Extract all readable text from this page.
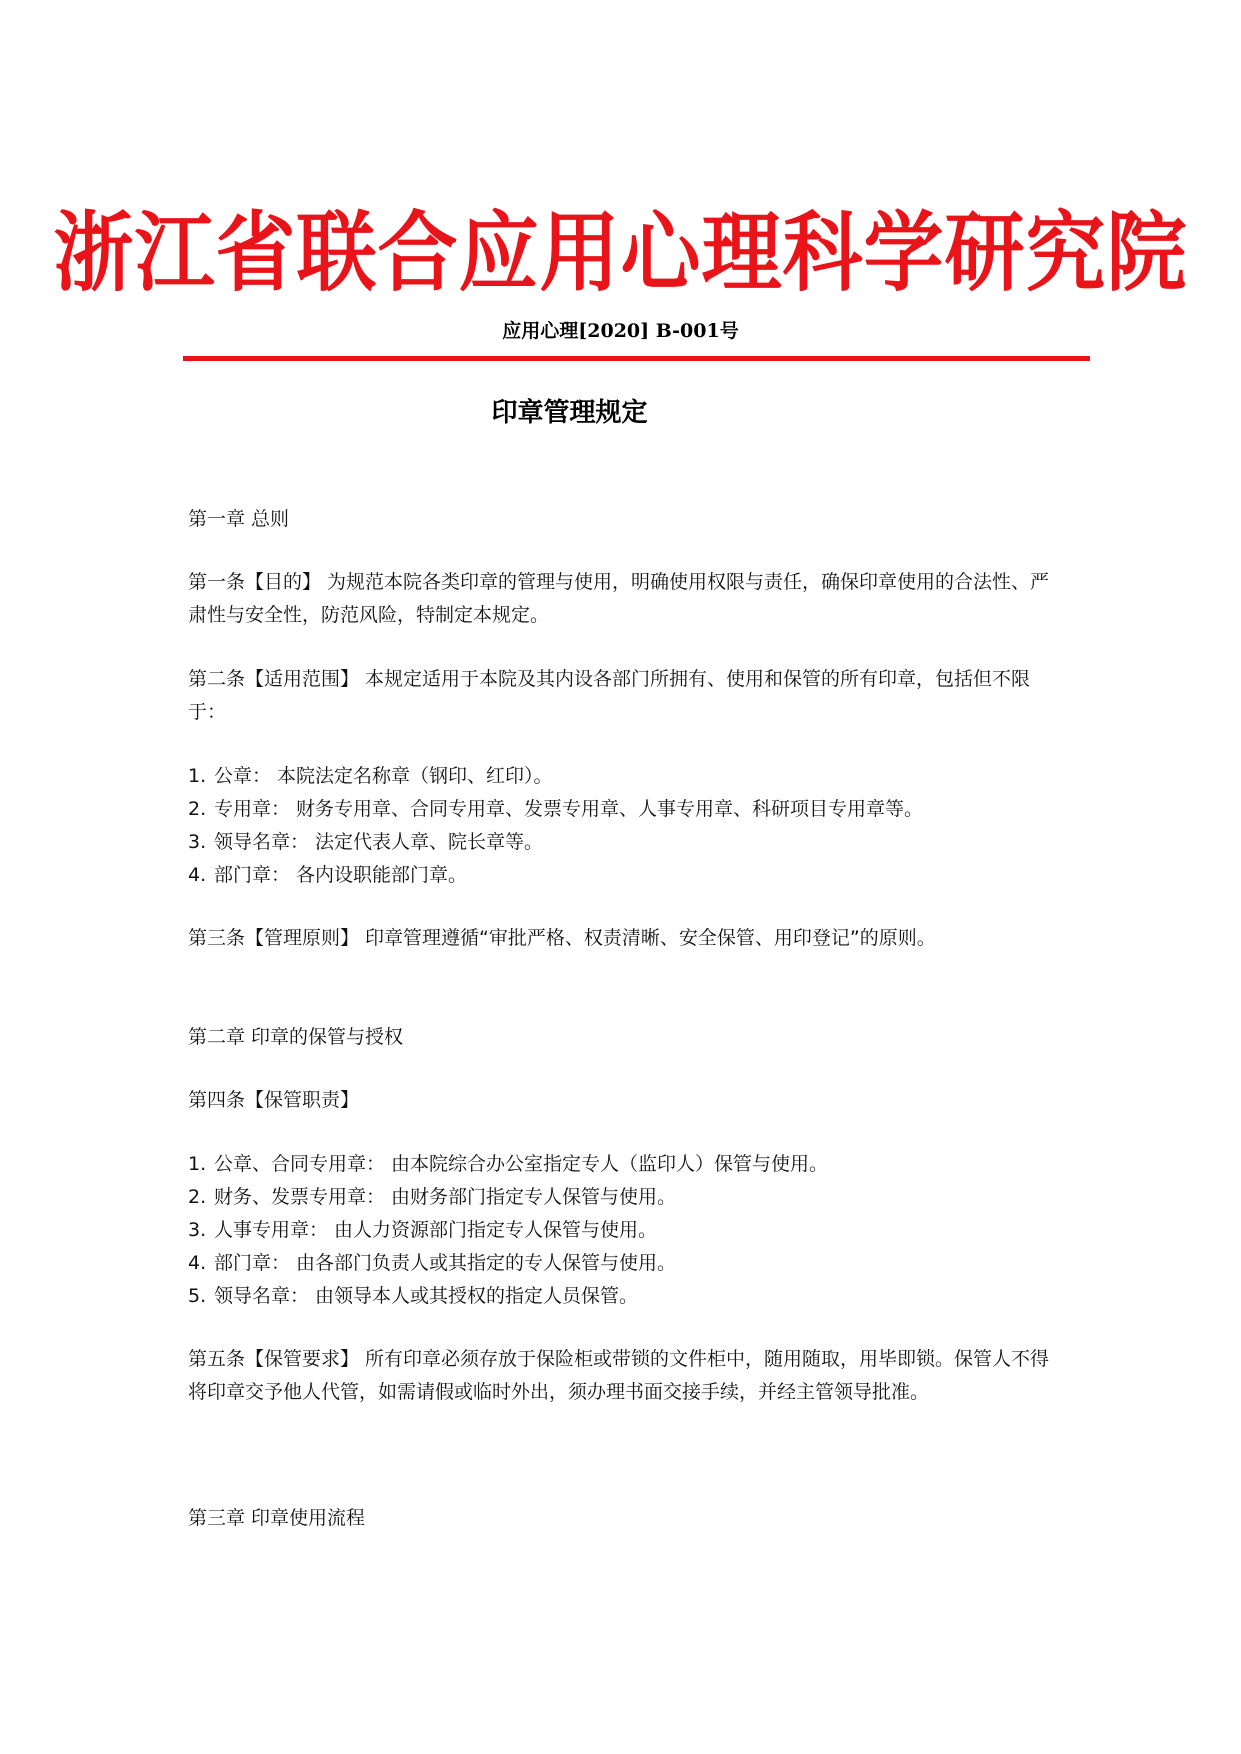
浙江省联合应用心理科学研究院
应用心理[2020] B-001号
印章管理规定
第一章 总则
第一条【目的】 为规范本院各类印章的管理与使用，明确使用权限与责任，确保印章使用的合法性、严肃性与安全性，防范风险，特制定本规定。
第二条【适用范围】 本规定适用于本院及其内设各部门所拥有、使用和保管的所有印章，包括但不限于：
1. 公章： 本院法定名称章（钢印、红印）。
2. 专用章： 财务专用章、合同专用章、发票专用章、人事专用章、科研项目专用章等。
3. 领导名章： 法定代表人章、院长章等。
4. 部门章： 各内设职能部门章。
第三条【管理原则】 印章管理遵循“审批严格、权责清晰、安全保管、用印登记”的原则。
第二章 印章的保管与授权
第四条【保管职责】
1. 公章、合同专用章： 由本院综合办公室指定专人（监印人）保管与使用。
2. 财务、发票专用章： 由财务部门指定专人保管与使用。
3. 人事专用章： 由人力资源部门指定专人保管与使用。
4. 部门章： 由各部门负责人或其指定的专人保管与使用。
5. 领导名章： 由领导本人或其授权的指定人员保管。
第五条【保管要求】 所有印章必须存放于保险柜或带锁的文件柜中，随用随取，用毕即锁。保管人不得将印章交予他人代管，如需请假或临时外出，须办理书面交接手续，并经主管领导批准。
第三章 印章使用流程
